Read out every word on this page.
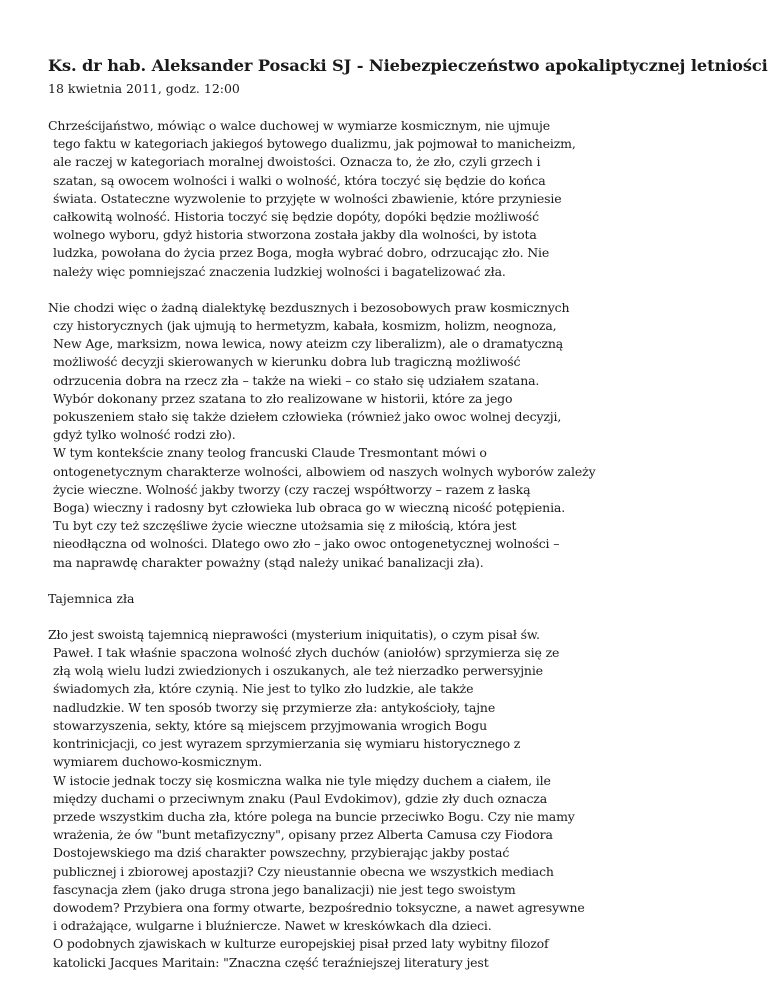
Ks. dr hab. Aleksander Posacki SJ - Niebezpieczeństwo apokaliptycznej letniości
18 kwietnia 2011, godz. 12:00
Chrześcijaństwo, mówiąc o walce duchowej w wymiarze kosmicznym, nie ujmuje
tego faktu w kategoriach jakiegoś bytowego dualizmu, jak pojmował to manicheizm,
ale raczej w kategoriach moralnej dwoistości. Oznacza to, że zło, czyli grzech i
szatan, są owocem wolności i walki o wolność, która toczyć się będzie do końca
świata. Ostateczne wyzwolenie to przyjęte w wolności zbawienie, które przyniesie
całkowitą wolność. Historia toczyć się będzie dopóty, dopóki będzie możliwość
wolnego wyboru, gdyż historia stworzona została jakby dla wolności, by istota
ludzka, powołana do życia przez Boga, mogła wybrać dobro, odrzucając zło. Nie
należy więc pomniejszać znaczenia ludzkiej wolności i bagatelizować zła.
Nie chodzi więc o żadną dialektykę bezdusznych i bezosobowych praw kosmicznych
czy historycznych (jak ujmują to hermetyzm, kabała, kosmizm, holizm, neognoza,
New Age, marksizm, nowa lewica, nowy ateizm czy liberalizm), ale o dramatyczną
możliwość decyzji skierowanych w kierunku dobra lub tragiczną możliwość
odrzucenia dobra na rzecz zła – także na wieki – co stało się udziałem szatana.
Wybór dokonany przez szatana to zło realizowane w historii, które za jego
pokuszeniem stało się także dziełem człowieka (również jako owoc wolnej decyzji,
gdyż tylko wolność rodzi zło).
W tym kontekście znany teolog francuski Claude Tresmontant mówi o
ontogenetycznym charakterze wolności, albowiem od naszych wolnych wyborów zależy
życie wieczne. Wolność jakby tworzy (czy raczej współtworzy – razem z łaską
Boga) wieczny i radosny byt człowieka lub obraca go w wieczną nicość potępienia.
Tu byt czy też szczęśliwe życie wieczne utożsamia się z miłością, która jest
nieodłączna od wolności. Dlatego owo zło – jako owoc ontogenetycznej wolności –
ma naprawdę charakter poważny (stąd należy unikać banalizacji zła).
Tajemnica zła
Zło jest swoistą tajemnicą nieprawości (mysterium iniquitatis), o czym pisał św.
Paweł. I tak właśnie spaczona wolność złych duchów (aniołów) sprzymierza się ze
złą wolą wielu ludzi zwiedzionych i oszukanych, ale też nierzadko perwersyjnie
świadomych zła, które czynią. Nie jest to tylko zło ludzkie, ale także
nadludzkie. W ten sposób tworzy się przymierze zła: antykościoły, tajne
stowarzyszenia, sekty, które są miejscem przyjmowania wrogich Bogu
kontrinicjacji, co jest wyrazem sprzymierzania się wymiaru historycznego z
wymiarem duchowo-kosmicznym.
W istocie jednak toczy się kosmiczna walka nie tyle między duchem a ciałem, ile
między duchami o przeciwnym znaku (Paul Evdokimov), gdzie zły duch oznacza
przede wszystkim ducha zła, które polega na buncie przeciwko Bogu. Czy nie mamy
wrażenia, że ów "bunt metafizyczny", opisany przez Alberta Camusa czy Fiodora
Dostojewskiego ma dziś charakter powszechny, przybierając jakby postać
publicznej i zbiorowej apostazji? Czy nieustannie obecna we wszystkich mediach
fascynacja złem (jako druga strona jego banalizacji) nie jest tego swoistym
dowodem? Przybiera ona formy otwarte, bezpośrednio toksyczne, a nawet agresywne
i odrażające, wulgarne i bluźniercze. Nawet w kreskówkach dla dzieci.
O podobnych zjawiskach w kulturze europejskiej pisał przed laty wybitny filozof
katolicki Jacques Maritain: "Znaczna część teraźniejszej literatury jest
